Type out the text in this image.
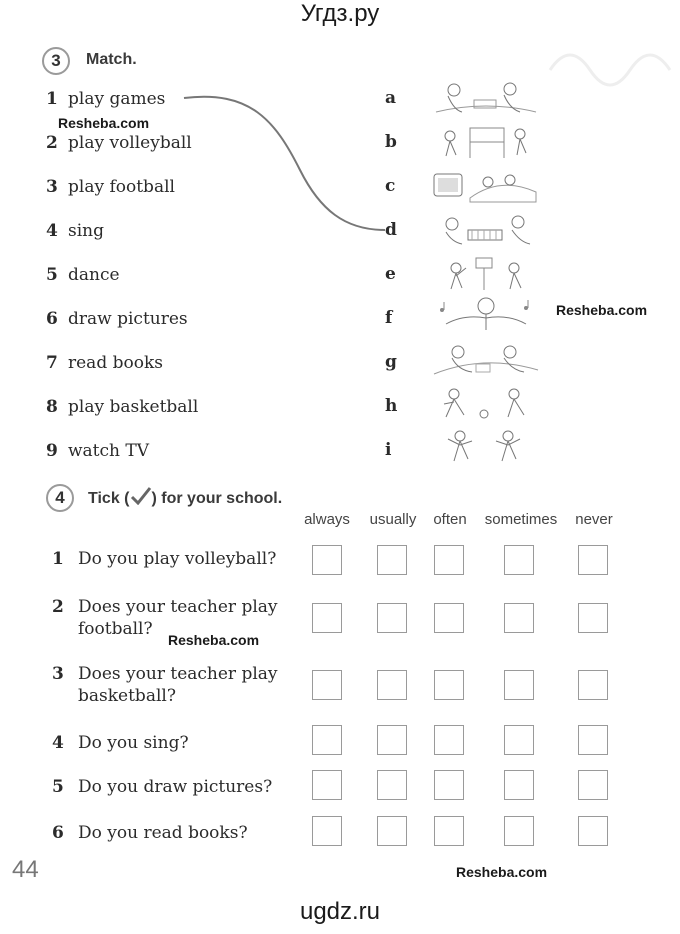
Угдз.ру
ugdz.ru
3	Match.
1 play games
2 play volleyball
3 play football
4 sing
5 dance
6 draw pictures
7 read books
8 play basketball
9 watch TV
Resheba.com
a
b
c
d
e
f
g
h
i
Resheba.com
4	Tick ( ) for your school.
always	usually	often	sometimes	never
1 Do you play volleyball?
2 Does your teacher play football?
3 Does your teacher play basketball?
4 Do you sing?
5 Do you draw pictures?
6 Do you read books?
Resheba.com
Resheba.com
44
